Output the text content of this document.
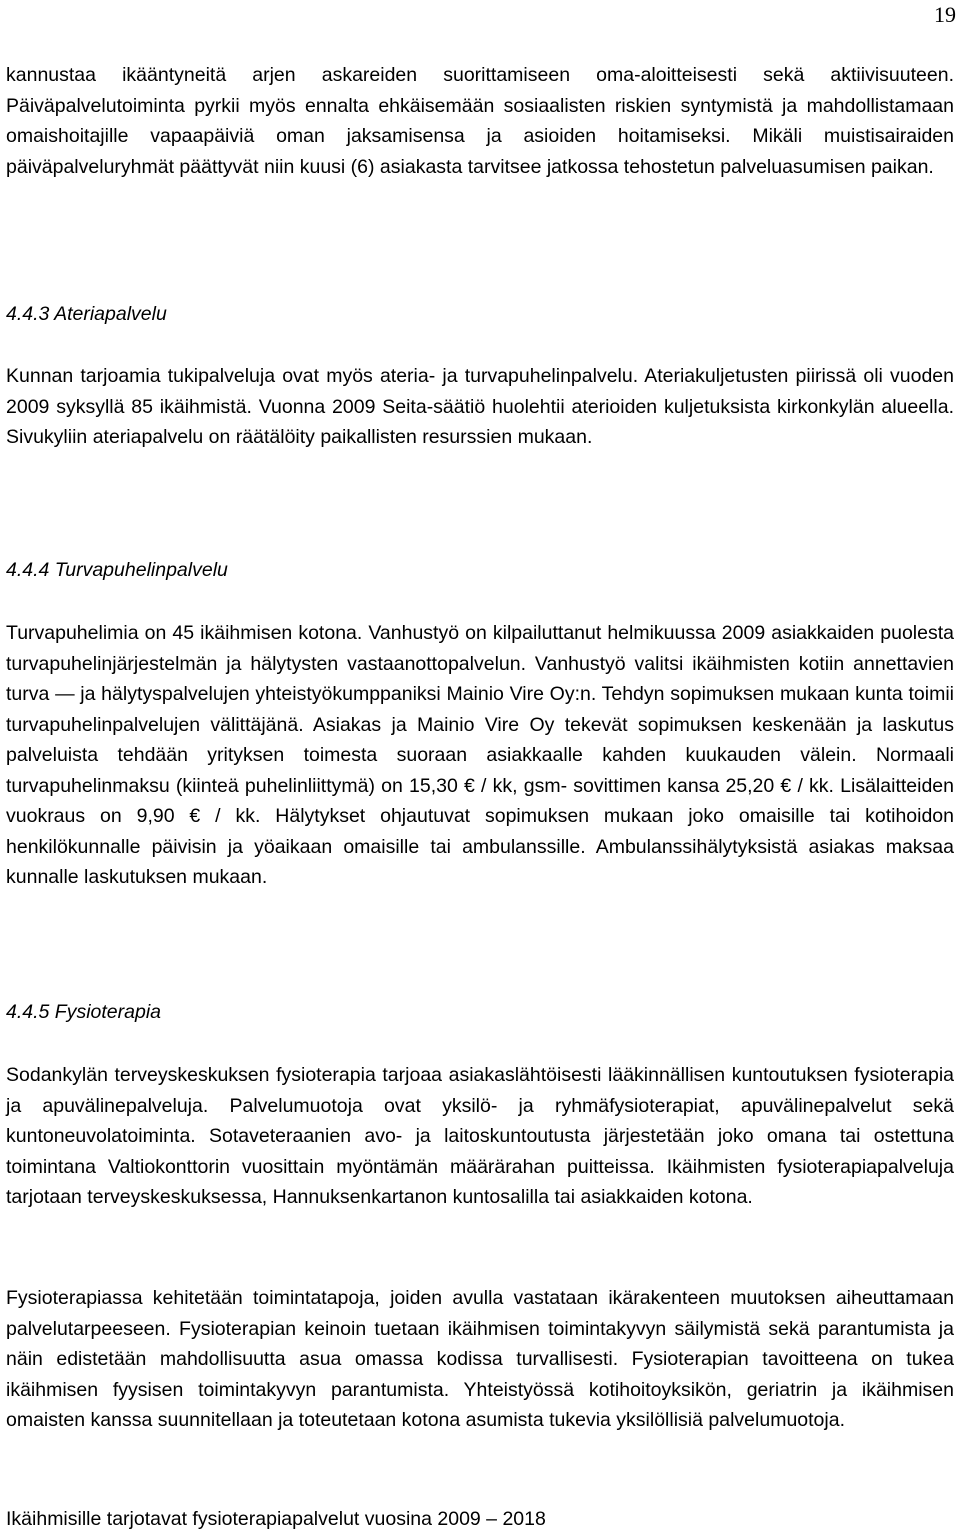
19

kannustaa ikääntyneitä arjen askareiden suorittamiseen oma-aloitteisesti sekä aktiivisuuteen. Päiväpalvelutoiminta pyrkii myös ennalta ehkäisemään sosiaalisten riskien syntymistä ja mahdollistamaan omaishoitajille vapaapäiviä oman jaksamisensa ja asioiden hoitamiseksi. Mikäli muistisairaiden päiväpalveluryhmät päättyvät niin kuusi (6) asiakasta tarvitsee jatkossa tehostetun palveluasumisen paikan.

4.4.3 Ateriapalvelu

Kunnan tarjoamia tukipalveluja ovat myös ateria- ja turvapuhelinpalvelu. Ateriakuljetusten piirissä oli vuoden 2009 syksyllä 85 ikäihmistä. Vuonna 2009 Seita-säätiö huolehtii aterioiden kuljetuksista kirkonkylän alueella. Sivukyliin ateriapalvelu on räätälöity paikallisten resurssien mukaan.

4.4.4 Turvapuhelinpalvelu

Turvapuhelimia on 45 ikäihmisen kotona. Vanhustyö on kilpailuttanut helmikuussa 2009 asiakkaiden puolesta turvapuhelinjärjestelmän ja hälytysten vastaanottopalvelun. Vanhustyö valitsi ikäihmisten kotiin annettavien turva — ja hälytyspalvelujen yhteistyökumppaniksi Mainio Vire Oy:n. Tehdyn sopimuksen mukaan kunta toimii turvapuhelinpalvelujen välittäjänä. Asiakas ja Mainio Vire Oy tekevät sopimuksen keskenään ja laskutus palveluista tehdään yrityksen toimesta suoraan asiakkaalle kahden kuukauden välein. Normaali turvapuhelinmaksu (kiinteä puhelinliittymä) on 15,30 € / kk, gsm- sovittimen kansa 25,20 € / kk. Lisälaitteiden vuokraus on 9,90 € / kk. Hälytykset ohjautuvat sopimuksen mukaan joko omaisille tai kotihoidon henkilökunnalle päivisin ja yöaikaan omaisille tai ambulanssille. Ambulanssihälytyksistä asiakas maksaa kunnalle laskutuksen mukaan.

4.4.5 Fysioterapia

Sodankylän terveyskeskuksen fysioterapia tarjoaa asiakaslähtöisesti lääkinnällisen kuntoutuksen fysioterapia ja apuvälinepalveluja. Palvelumuotoja ovat yksilö- ja ryhmäfysioterapiat, apuvälinepalvelut sekä kuntoneuvolatoiminta. Sotaveteraanien avo- ja laitoskuntoutusta järjestetään joko omana tai ostettuna toimintana Valtiokonttorin vuosittain myöntämän määrärahan puitteissa. Ikäihmisten fysioterapiapalveluja tarjotaan terveyskeskuksessa, Hannuksenkartanon kuntosalilla tai asiakkaiden kotona.

Fysioterapiassa kehitetään toimintatapoja, joiden avulla vastataan ikärakenteen muutoksen aiheuttamaan palvelutarpeeseen. Fysioterapian keinoin tuetaan ikäihmisen toimintakyvyn säilymistä sekä parantumista ja näin edistetään mahdollisuutta asua omassa kodissa turvallisesti. Fysioterapian tavoitteena on tukea ikäihmisen fyysisen toimintakyvyn parantumista. Yhteistyössä kotihoitoyksikön, geriatrin ja ikäihmisen omaisten kanssa suunnitellaan ja toteutetaan kotona asumista tukevia yksilöllisiä palvelumuotoja.

Ikäihmisille tarjotavat fysioterapiapalvelut vuosina 2009 – 2018
